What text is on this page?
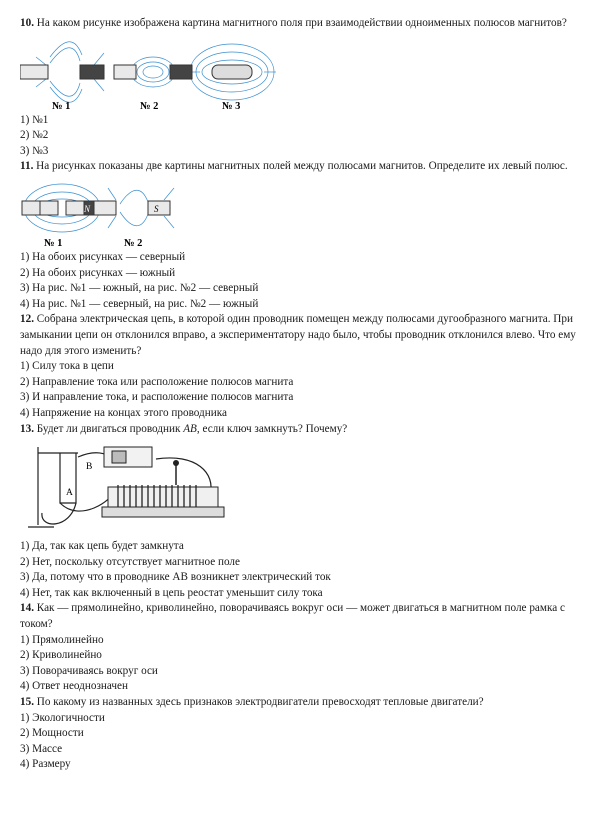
10. На каком рисунке изображена картина магнитного поля при взаимодействии одноименных полюсов магнитов?

№ 1	№ 2	№ 3

1) №1

2) №2

3) №3

11. На рисунках показаны две картины магнитных полей между полюсами магнитов. Определите их левый полюс.

N	S
№ 1	№ 2

1) На обоих рисунках — северный

2) На обоих рисунках — южный

3) На рис. №1 — южный, на рис. №2 — северный

4) На рис. №1 — северный, на рис. №2 — южный

12. Собрана электрическая цепь, в которой один проводник помещен между полюсами дугообразного магнита. При замыкании цепи он отклонился вправо, а экспериментатору надо было, чтобы проводник отклонился влево. Что ему надо для этого изменить?

1) Силу тока в цепи

2) Направление тока или расположение полюсов магнита

3) И направление тока, и расположение полюсов магнита

4) Напряжение на концах этого проводника

13. Будет ли двигаться проводник AB, если ключ замкнуть? Почему?

B
A

1) Да, так как цепь будет замкнута

2) Нет, поскольку отсутствует магнитное поле

3) Да, потому что в проводнике AB возникнет электрический ток

4) Нет, так как включенный в цепь реостат уменьшит силу тока

14. Как — прямолинейно, криволинейно, поворачиваясь вокруг оси — может двигаться в магнитном поле рамка с током?

1) Прямолинейно

2) Криволинейно

3) Поворачиваясь вокруг оси

4) Ответ неоднозначен

15. По какому из названных здесь признаков электродвигатели превосходят тепловые двигатели?

1) Экологичности

2) Мощности

3) Массе

4) Размеру
